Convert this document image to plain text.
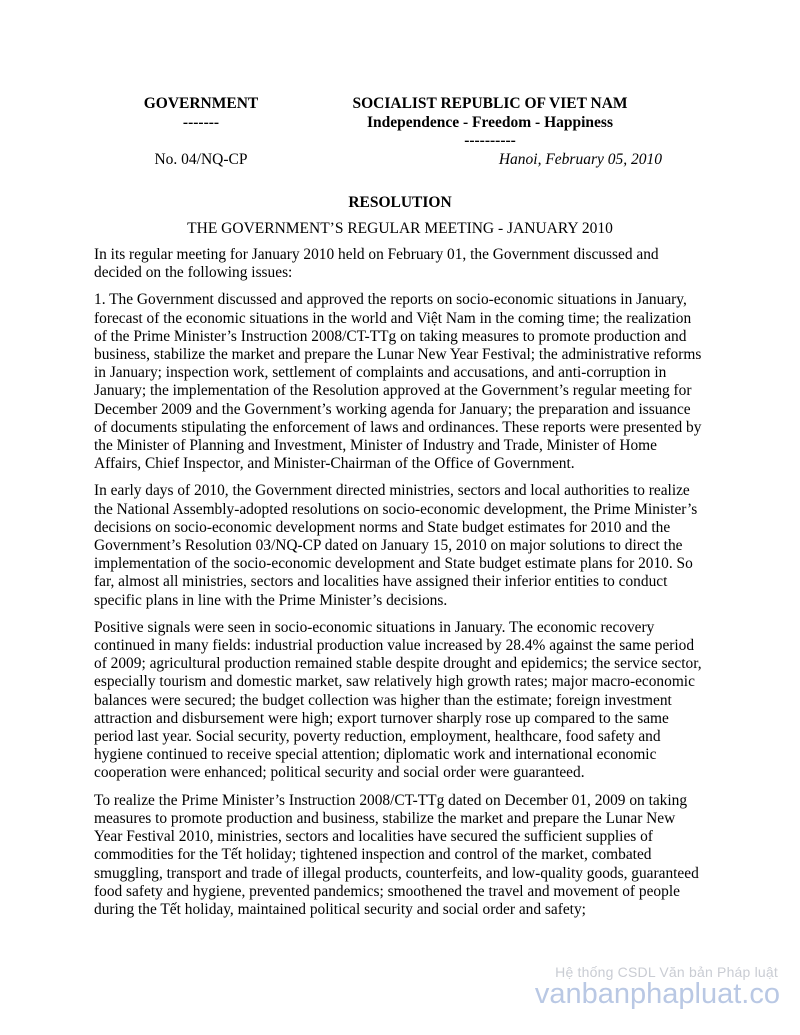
GOVERNMENT
-------
SOCIALIST REPUBLIC OF VIET NAM
Independence - Freedom - Happiness
----------
No. 04/NQ-CP	Hanoi, February 05, 2010
RESOLUTION
THE GOVERNMENT’S REGULAR MEETING - JANUARY 2010

In its regular meeting for January 2010 held on February 01, the Government discussed and decided on the following issues:

1. The Government discussed and approved the reports on socio-economic situations in January, forecast of the economic situations in the world and Việt Nam in the coming time; the realization of the Prime Minister’s Instruction 2008/CT-TTg on taking measures to promote production and business, stabilize the market and prepare the Lunar New Year Festival; the administrative reforms in January; inspection work, settlement of complaints and accusations, and anti-corruption in January; the implementation of the Resolution approved at the Government’s regular meeting for December 2009 and the Government’s working agenda for January; the preparation and issuance of documents stipulating the enforcement of laws and ordinances. These reports were presented by the Minister of Planning and Investment, Minister of Industry and Trade, Minister of Home Affairs, Chief Inspector, and Minister-Chairman of the Office of Government.

In early days of 2010, the Government directed ministries, sectors and local authorities to realize the National Assembly-adopted resolutions on socio-economic development, the Prime Minister’s decisions on socio-economic development norms and State budget estimates for 2010 and the Government’s Resolution 03/NQ-CP dated on January 15, 2010 on major solutions to direct the implementation of the socio-economic development and State budget estimate plans for 2010. So far, almost all ministries, sectors and localities have assigned their inferior entities to conduct specific plans in line with the Prime Minister’s decisions.

Positive signals were seen in socio-economic situations in January. The economic recovery continued in many fields: industrial production value increased by 28.4% against the same period of 2009; agricultural production remained stable despite drought and epidemics; the service sector, especially tourism and domestic market, saw relatively high growth rates; major macro-economic balances were secured; the budget collection was higher than the estimate; foreign investment attraction and disbursement were high; export turnover sharply rose up compared to the same period last year. Social security, poverty reduction, employment, healthcare, food safety and hygiene continued to receive special attention; diplomatic work and international economic cooperation were enhanced; political security and social order were guaranteed.

To realize the Prime Minister’s Instruction 2008/CT-TTg dated on December 01, 2009 on taking measures to promote production and business, stabilize the market and prepare the Lunar New Year Festival 2010, ministries, sectors and localities have secured the sufficient supplies of commodities for the Tết holiday; tightened inspection and control of the market, combated smuggling, transport and trade of illegal products, counterfeits, and low-quality goods, guaranteed food safety and hygiene, prevented pandemics; smoothened the travel and movement of people during the Tết holiday, maintained political security and social order and safety;

Hệ thống CSDL Văn bản Pháp luật
vanbanphapluat.co
